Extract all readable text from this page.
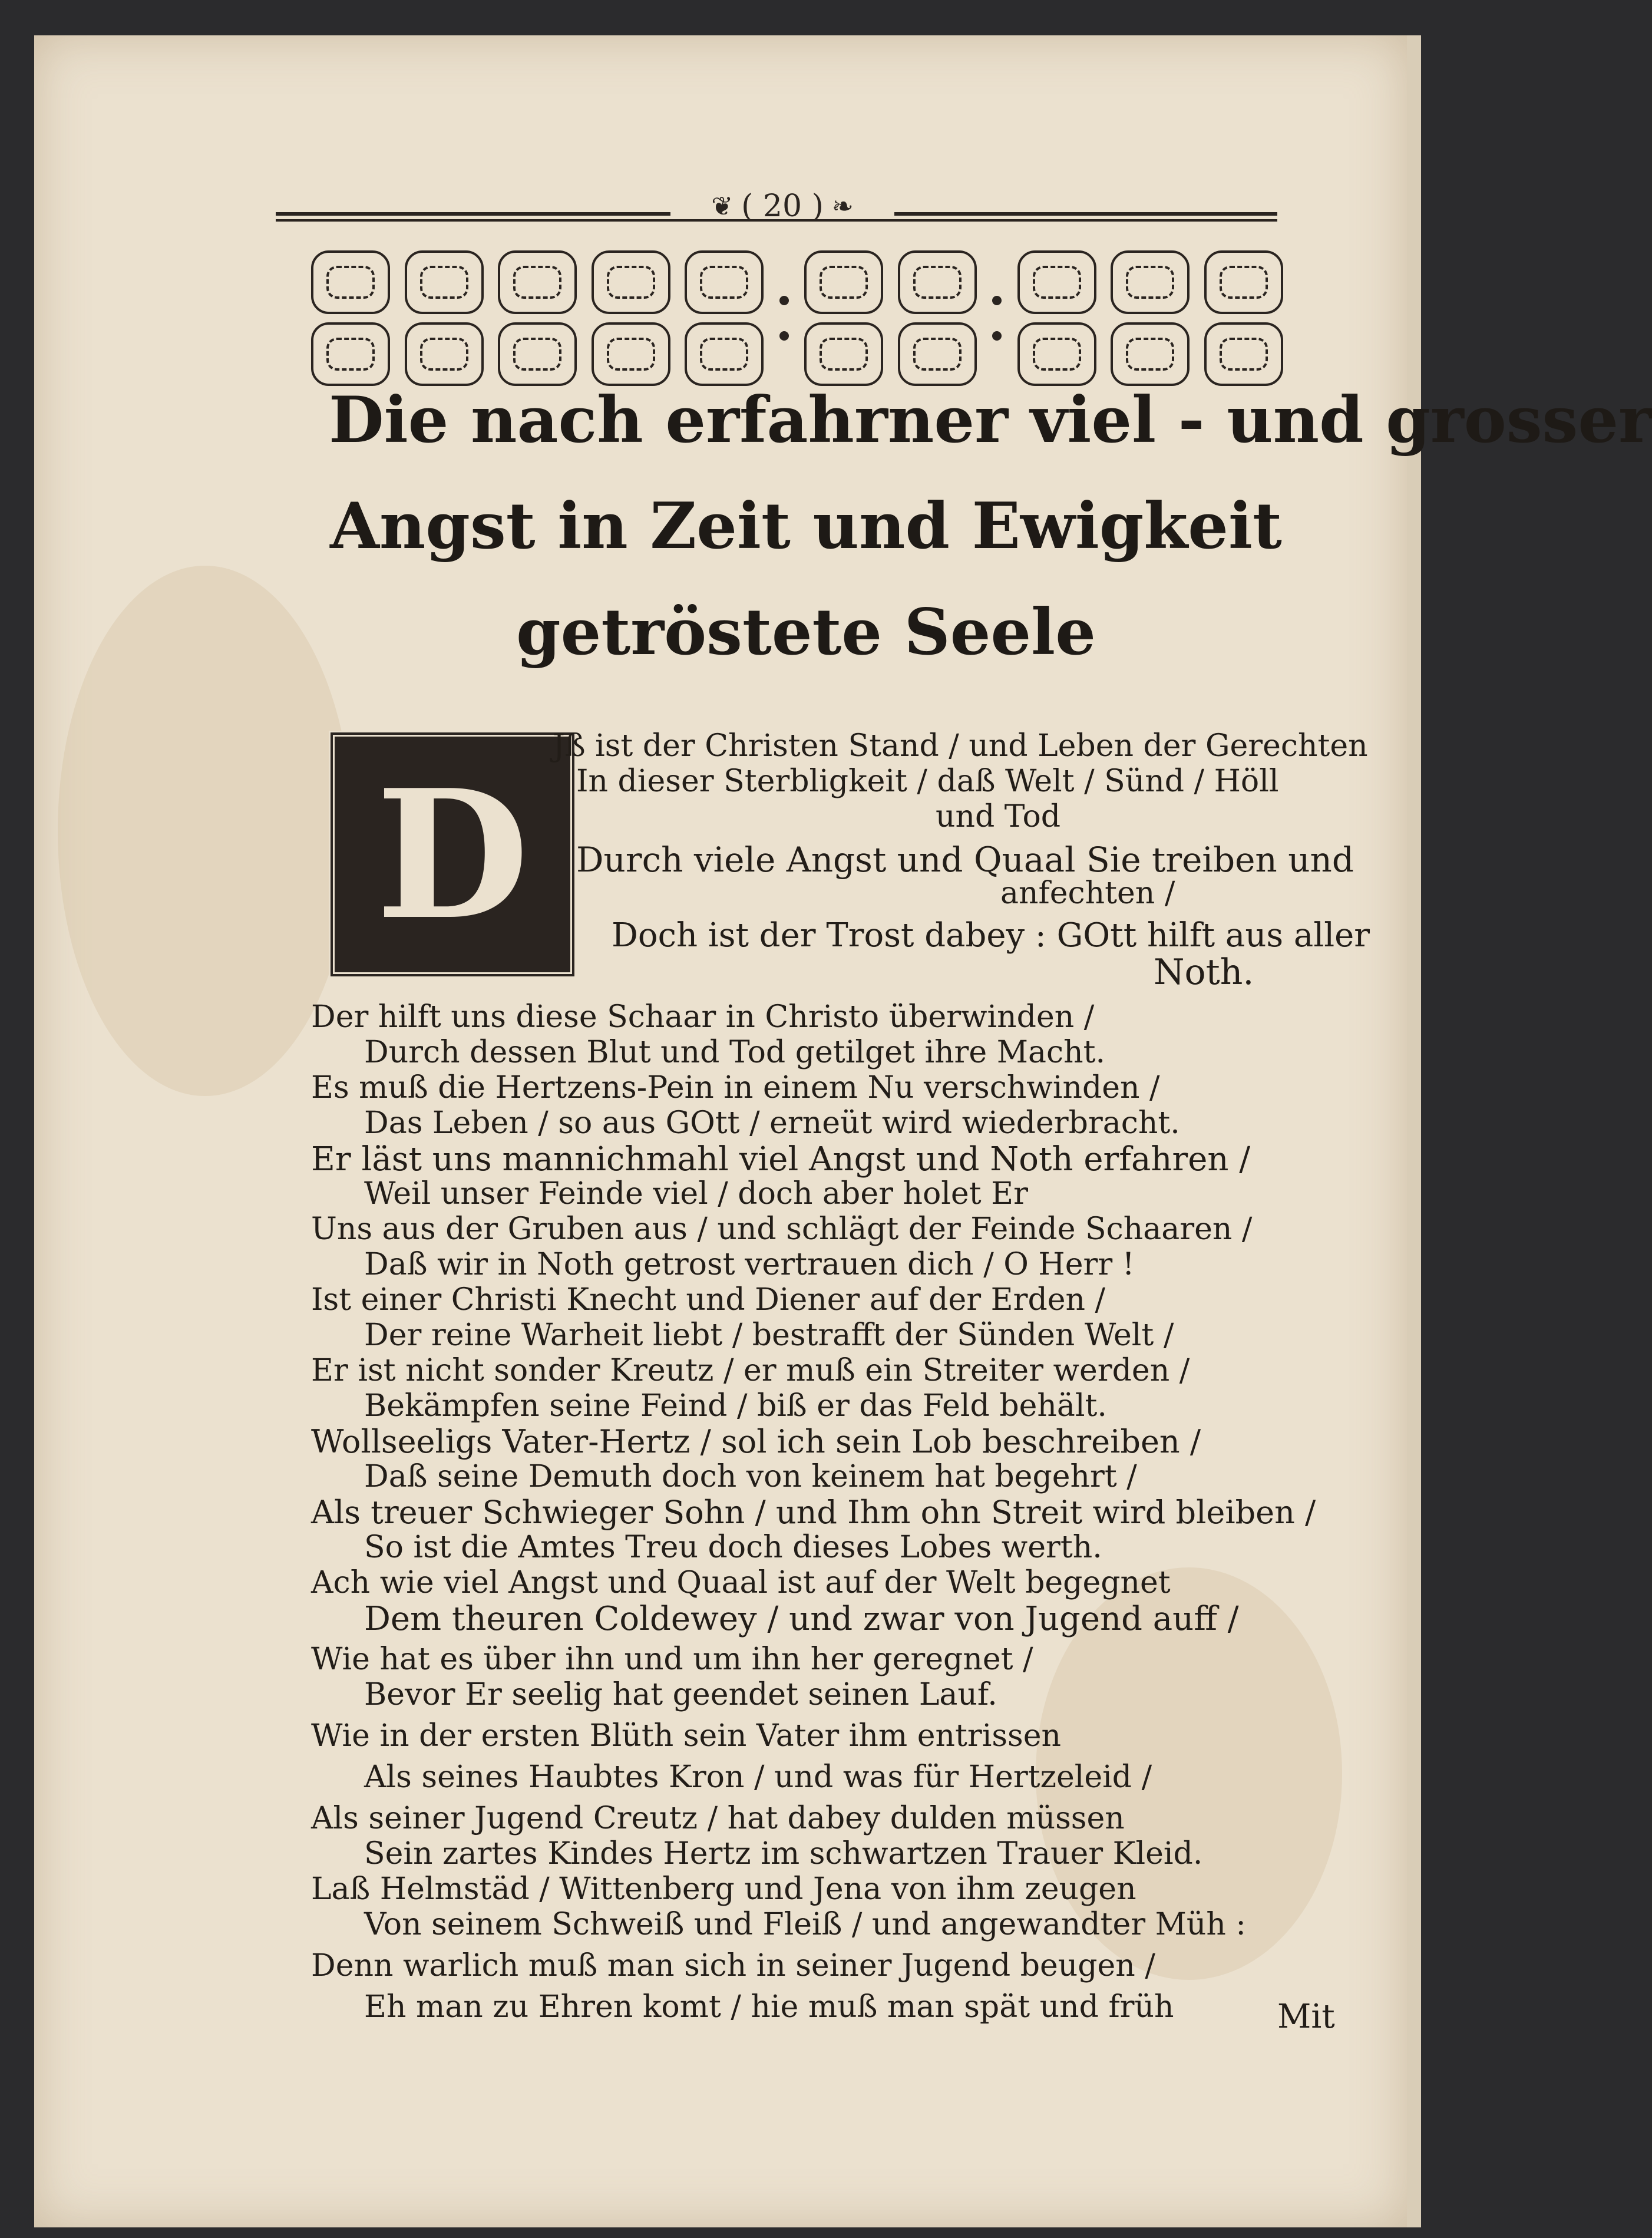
❦ ( 20 ) ❧
Die nach erfahrner viel - und grosser
Angst in Zeit und Ewigkeit
getröstete Seele
D
Jß ist der Christen Stand / und Leben der Gerechten
In dieser Sterbligkeit / daß Welt / Sünd / Höll
und Tod
Durch viele Angst und Quaal Sie treiben und
anfechten /
Doch ist der Trost dabey : GOtt hilft aus aller
Noth.
Der hilft uns diese Schaar in Christo überwinden /
Durch dessen Blut und Tod getilget ihre Macht.
Es muß die Hertzens-Pein in einem Nu verschwinden /
Das Leben / so aus GOtt / erneüt wird wiederbracht.
Er läst uns mannichmahl viel Angst und Noth erfahren /
Weil unser Feinde viel / doch aber holet Er
Uns aus der Gruben aus / und schlägt der Feinde Schaaren /
Daß wir in Noth getrost vertrauen dich / O Herr !
Ist einer Christi Knecht und Diener auf der Erden /
Der reine Warheit liebt / bestrafft der Sünden Welt /
Er ist nicht sonder Kreutz / er muß ein Streiter werden /
Bekämpfen seine Feind / biß er das Feld behält.
Wollseeligs Vater-Hertz / sol ich sein Lob beschreiben /
Daß seine Demuth doch von keinem hat begehrt /
Als treuer Schwieger Sohn / und Ihm ohn Streit wird bleiben /
So ist die Amtes Treu doch dieses Lobes werth.
Ach wie viel Angst und Quaal ist auf der Welt begegnet
Dem theuren Coldewey / und zwar von Jugend auff /
Wie hat es über ihn und um ihn her geregnet /
Bevor Er seelig hat geendet seinen Lauf.
Wie in der ersten Blüth sein Vater ihm entrissen
Als seines Haubtes Kron / und was für Hertzeleid /
Als seiner Jugend Creutz / hat dabey dulden müssen
Sein zartes Kindes Hertz im schwartzen Trauer Kleid.
Laß Helmstäd / Wittenberg und Jena von ihm zeugen
Von seinem Schweiß und Fleiß / und angewandter Müh :
Denn warlich muß man sich in seiner Jugend beugen /
Eh man zu Ehren komt / hie muß man spät und früh	Mit
